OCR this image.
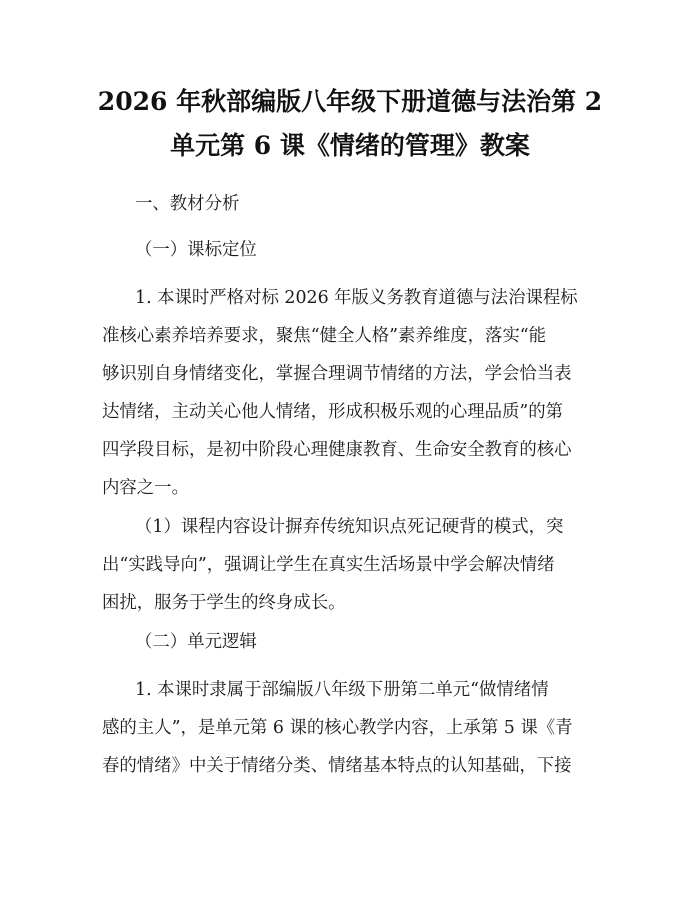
2026 年秋部编版八年级下册道德与法治第 2
单元第 6 课《情绪的管理》教案
一、教材分析
（一）课标定位
1. 本课时严格对标 2026 年版义务教育道德与法治课程标
准核心素养培养要求，聚焦“健全人格”素养维度，落实“能
够识别自身情绪变化，掌握合理调节情绪的方法，学会恰当表
达情绪，主动关心他人情绪，形成积极乐观的心理品质”的第
四学段目标，是初中阶段心理健康教育、生命安全教育的核心
内容之一。
（1）课程内容设计摒弃传统知识点死记硬背的模式，突
出“实践导向”，强调让学生在真实生活场景中学会解决情绪
困扰，服务于学生的终身成长。
（二）单元逻辑
1. 本课时隶属于部编版八年级下册第二单元“做情绪情
感的主人”，是单元第 6 课的核心教学内容，上承第 5 课《青
春的情绪》中关于情绪分类、情绪基本特点的认知基础，下接
